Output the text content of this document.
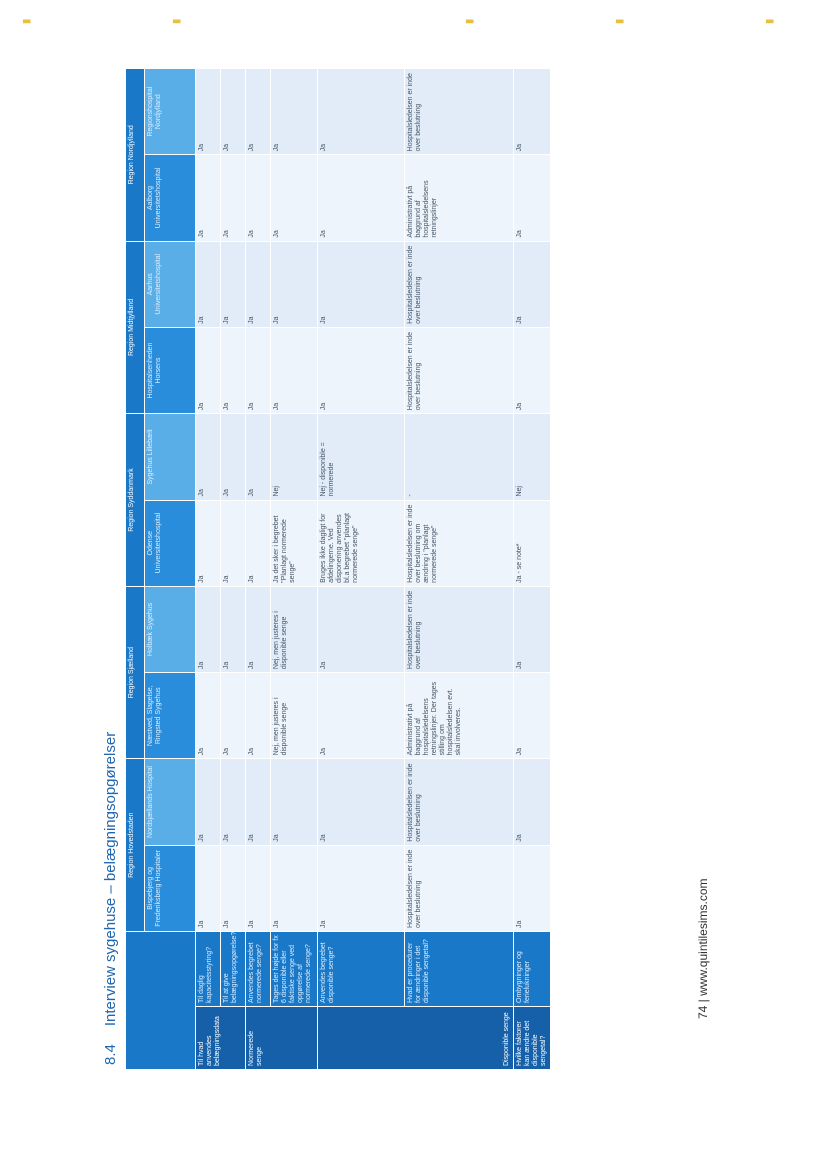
▬	▬	▬	▬	▬
8.4Interview sygehuse – belægningsopgørelser
		Region Hovedstaden		Region Sjælland		Region Syddanmark		Region Midtjylland		Region Nordjylland	
		Bispebjerg og Frederiksberg Hospitaler	Nordsjællands Hospital	Næstved, Slagelse, Ringsted Sygehus	Holbæk Sygehus	Odense Universitetshospital	Sygehus Lillebælt	Hospitalsenheden Horsens	Aarhus Universitetshospital	Aalborg Universitetshospital	Regionshospital Nordjylland
Til hvad anvendes belægningsdata	Til daglig kapacitetsstyring?	Ja	Ja	Ja	Ja	Ja	Ja	Ja	Ja	Ja	Ja
	Til at give belægningsopgørelse?	Ja	Ja	Ja	Ja	Ja	Ja	Ja	Ja	Ja	Ja
Normerede senge	Anvendes begrebet normerede senge?	Ja	Ja	Ja	Ja	Ja	Ja	Ja	Ja	Ja	Ja
	Tages der højde for fx 6 disponible eller faktiske senge ved opgørelse af normerede senge?	Ja	Ja	Nej, men justeres i disponible senge	Nej, men justeres i disponible senge	Ja det sker i begrebet "Planlagt normerede senge"	Nej	Ja	Ja	Ja	Ja
Disponible senge	Anvendes begrebet disponible senge?	Ja	Ja	Ja	Ja	Bruges ikke dagligt for afdelingerne. Ved disponering anvendes bl.a begrebet "planlagt normerede senge"	Nej - disponible = normerede	Ja	Ja	Ja	Ja
	Hvad er procedurer for ændringer i det disponible sengetal?	Hospitalsledelsen er inde over beslutning	Hospitalsledelsen er inde over beslutning	Administrativt på baggrund af hospitalsledelsens retningslinjer. Der tages stilling om hospitalsledelsen evt. skal involveres.	Hospitalsledelsen er inde over beslutning	Hospitalsledelsen er inde over beslutning om ændring i "planlagt normerede senge"	-	Hospitalsledelsen er inde over beslutning	Hospitalsledelsen er inde over beslutning	Administrativt på baggrund af hospitalsledelsens retningslinjer	Hospitalsledelsen er inde over beslutning
Hvilke faktorer kan ændre det disponible sengetal?	Ombygninger og ferielukninger	Ja	Ja	Ja	Ja	Ja - se note*	Nej	Ja	Ja	Ja	Ja
74 | www.quintilesims.com
